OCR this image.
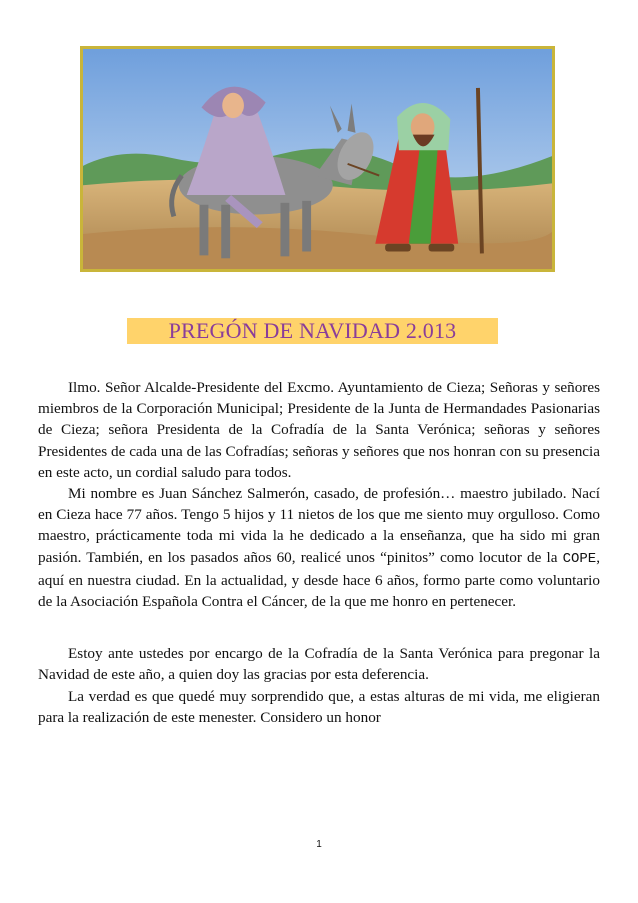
PREGÓN DE NAVIDAD 2.013

Ilmo. Señor Alcalde-Presidente del Excmo. Ayuntamiento de Cieza; Señoras y señores miembros de la Corporación Municipal; Presidente de la Junta de Hermandades Pasionarias de Cieza; señora Presidenta de la Cofradía de la Santa Verónica; señoras y señores Presidentes de cada una de las Cofradías; señoras y señores que nos honran con su presencia en este acto, un cordial saludo para todos.

Mi nombre es Juan Sánchez Salmerón, casado, de profesión… maestro jubilado. Nací en Cieza hace 77 años. Tengo 5 hijos y 11 nietos de los que me siento muy orgulloso. Como maestro, prácticamente toda mi vida la he dedicado a la enseñanza, que ha sido mi gran pasión. También, en los pasados años 60, realicé unos “pinitos” como locutor de la COPE, aquí en nuestra ciudad. En la actualidad, y desde hace 6 años, formo parte como voluntario de la Asociación Española Contra el Cáncer, de la que me honro en pertenecer.

Estoy ante ustedes por encargo de la Cofradía de la Santa Verónica para pregonar la Navidad de este año, a quien doy las gracias por esta deferencia.

La verdad es que quedé muy sorprendido que, a estas alturas de mi vida, me eligieran para la realización de este menester. Considero un honor

1
